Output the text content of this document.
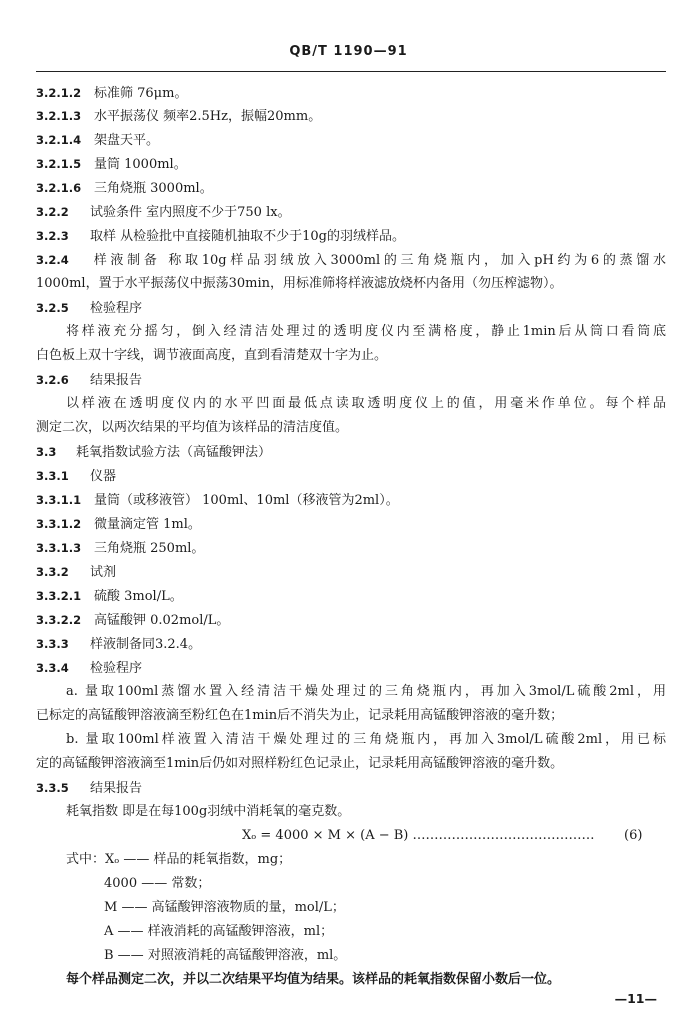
QB/T 1190—91
3.2.1.2 标准筛 76μm。
3.2.1.3 水平振荡仪 频率2.5Hz，振幅20mm。
3.2.1.4 架盘天平。
3.2.1.5 量筒 1000ml。
3.2.1.6 三角烧瓶 3000ml。
3.2.2 试验条件 室内照度不少于750 lx。
3.2.3 取样 从检验批中直接随机抽取不少于10g的羽绒样品。
3.2.4 样液制备 称取10g样品羽绒放入3000ml的三角烧瓶内，加入pH约为6的蒸馏水
1000ml，置于水平振荡仪中振荡30min，用标准筛将样液滤放烧杯内备用（勿压榨滤物）。
3.2.5 检验程序
将样液充分摇匀，倒入经清洁处理过的透明度仪内至满格度，静止1min后从筒口看筒底
白色板上双十字线，调节液面高度，直到看清楚双十字为止。
3.2.6 结果报告
以样液在透明度仪内的水平凹面最低点读取透明度仪上的值，用毫米作单位。每个样品
测定二次，以两次结果的平均值为该样品的清洁度值。
3.3 耗氧指数试验方法（高锰酸钾法）
3.3.1 仪器
3.3.1.1 量筒（或移液管） 100ml、10ml（移液管为2ml）。
3.3.1.2 微量滴定管 1ml。
3.3.1.3 三角烧瓶 250ml。
3.3.2 试剂
3.3.2.1 硫酸 3mol/L。
3.3.2.2 高锰酸钾 0.02mol/L。
3.3.3 样液制备同3.2.4。
3.3.4 检验程序
a. 量取100ml蒸馏水置入经清洁干燥处理过的三角烧瓶内，再加入3mol/L硫酸2ml，用
已标定的高锰酸钾溶液滴至粉红色在1min后不消失为止，记录耗用高锰酸钾溶液的毫升数；
b. 量取100ml样液置入清洁干燥处理过的三角烧瓶内，再加入3mol/L硫酸2ml，用已标
定的高锰酸钾溶液滴至1min后仍如对照样粉红色记录止，记录耗用高锰酸钾溶液的毫升数。
3.3.5 结果报告
耗氧指数 即是在每100g羽绒中消耗氧的毫克数。
Xₒ = 4000 × M × (A − B) …………………………………… (6)
式中：Xₒ —— 样品的耗氧指数，mg；
4000 —— 常数；
M —— 高锰酸钾溶液物质的量，mol/L；
A —— 样液消耗的高锰酸钾溶液，ml；
B —— 对照液消耗的高锰酸钾溶液，ml。
每个样品测定二次，并以二次结果平均值为结果。该样品的耗氧指数保留小数后一位。
—11—
